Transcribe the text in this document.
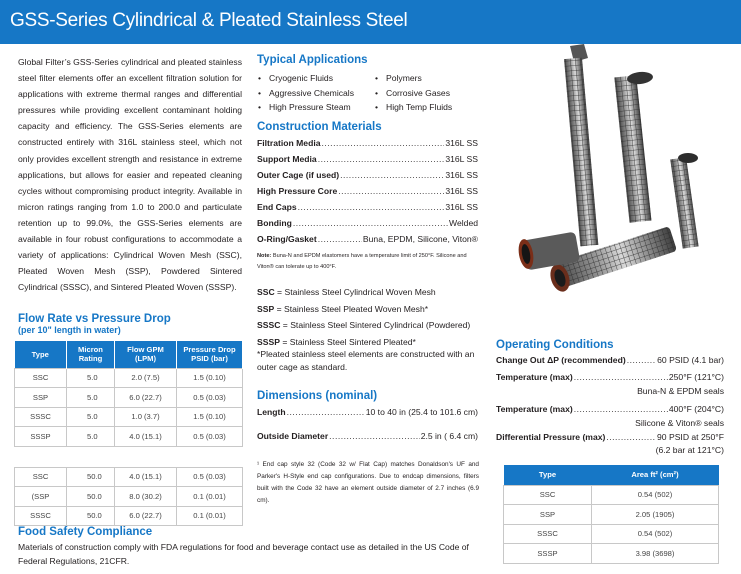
GSS-Series Cylindrical & Pleated Stainless Steel
Global Filter’s GSS-Series cylindrical and pleated stainless steel filter elements offer an excellent filtration solution for applications with extreme thermal ranges and differential pressures while providing excellent contaminant holding capacity and efficiency. The GSS-Series elements are constructed entirely with 316L stainless steel, which not only provides excellent strength and resistance in extreme applications, but allows for easier and repeated cleaning cycles without compromising product integrity. Available in micron ratings ranging from 1.0 to 200.0 and particulate retention up to 99.0%, the GSS-Series elements are available in four robust configurations to accommodate a variety of applications: Cylindrical Woven Mesh (SSC), Pleated Woven Mesh (SSP), Powdered Sintered Cylindrical (SSSC), and Sintered Pleated Woven (SSSP).
Flow Rate vs Pressure Drop
(per 10" length in water)
Type	Micron Rating	Flow GPM (LPM)	Pressure Drop PSID (bar)
SSC	5.0	2.0 (7.5)	1.5 (0.10)
SSP	5.0	6.0 (22.7)	0.5 (0.03)
SSSC	5.0	1.0 (3.7)	1.5 (0.10)
SSSP	5.0	4.0 (15.1)	0.5 (0.03)

SSC	50.0	4.0 (15.1)	0.5 (0.03)
(SSP	50.0	8.0 (30.2)	0.1 (0.01)
SSSC	50.0	6.0 (22.7)	0.1 (0.01)
Food Safety Compliance
Materials of construction comply with FDA regulations for food and beverage contact use as detailed in the US Code of Federal Regulations, 21CFR.
Typical Applications
• Cryogenic Fluids
• Aggressive Chemicals
• High Pressure Steam
• Polymers
• Corrosive Gases
• High Temp Fluids
Construction Materials
Filtration Media .....	316L SS
Support Media .....	316L SS
Outer Cage (if used) .....	316L SS
High Pressure Core .....	316L SS
End Caps .....	316L SS
Bonding .....	Welded
O-Ring/Gasket .....	Buna, EPDM, Silicone, Viton®
Note: Buna-N and EPDM elastomers have a temperature limit of 250°F. Silicone and Viton® can tolerate up to 400°F.
SSC = Stainless Steel Cylindrical Woven Mesh
SSP = Stainless Steel Pleated Woven Mesh*
SSSC = Stainless Steel Sintered Cylindrical (Powdered)
SSSP = Stainless Steel Sintered Pleated*
*Pleated stainless steel elements are constructed with an outer cage as standard.
Dimensions (nominal)
Length .....	10 to 40 in (25.4 to 101.6 cm)
Outside Diameter .....	2.5 in ( 6.4 cm)
¹ End cap style 32 (Code 32 w/ Flat Cap) matches Donaldson's UF and Parker's H-Style end cap configurations. Due to endcap dimensions, filters built with the Code 32 have an element outside diameter of 2.7 inches (6.9 cm).
Operating Conditions
Change Out ΔP (recommended) .....	60 PSID (4.1 bar)
Temperature (max) .....	250°F (121°C)
Buna-N & EPDM seals
Temperature (max) .....	400°F (204°C)
Silicone & Viton® seals
Differential Pressure (max) .....	90 PSID at 250°F
(6.2 bar at 121°C)
Type	Area ft² (cm²)
SSC	0.54 (502)
SSP	2.05 (1905)
SSSC	0.54 (502)
SSSP	3.98 (3698)
